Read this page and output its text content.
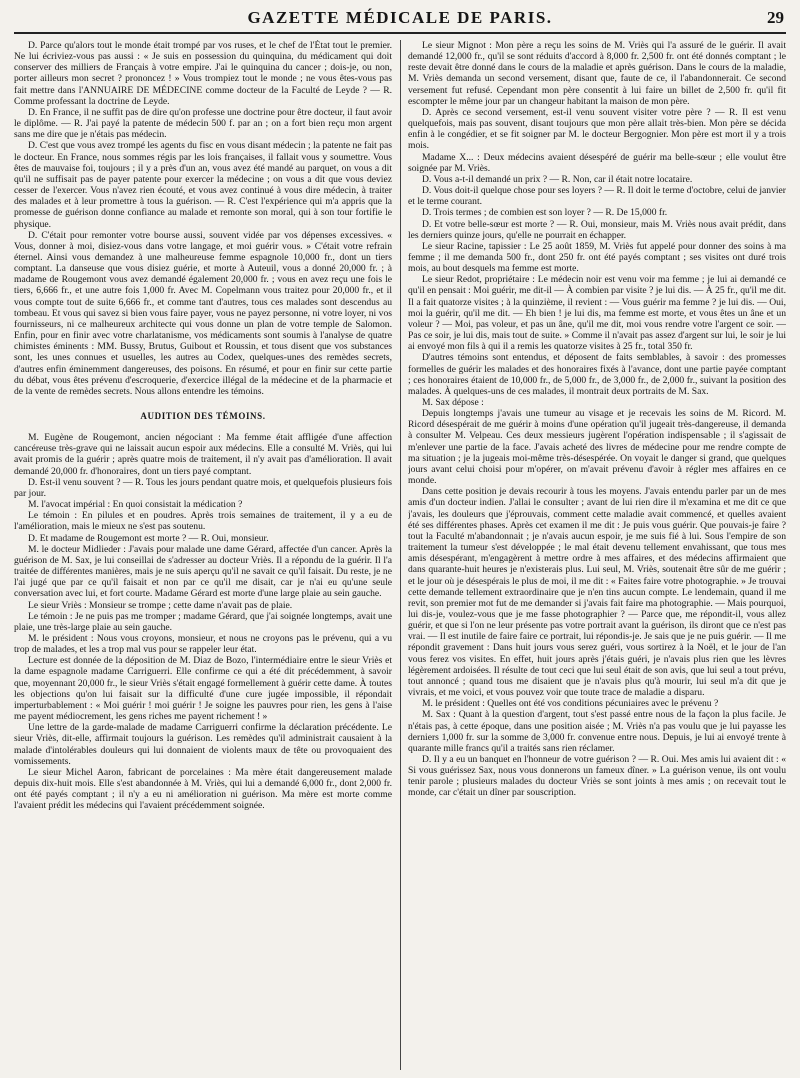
GAZETTE MÉDICALE DE PARIS.	29

D. Parce qu'alors tout le monde était trompé par vos ruses, et le chef de l'État tout le premier. Ne lui écriviez-vous pas aussi : « Je suis en possession du quinquina, du médicament qui doit conserver des milliers de Français à votre empire. J'ai le quinquina du cancer ; dois-je, ou non, porter ailleurs mon secret ? prononcez ! » Vous trompiez tout le monde ; ne vous êtes-vous pas fait mettre dans l'ANNUAIRE DE MÉDECINE comme docteur de la Faculté de Leyde ? — R. Comme professant la doctrine de Leyde.

D. En France, il ne suffit pas de dire qu'on professe une doctrine pour être docteur, il faut avoir le diplôme. — R. J'ai payé la patente de médecin 500 f. par an ; on a fort bien reçu mon argent sans me dire que je n'étais pas médecin.

D. C'est que vous avez trompé les agents du fisc en vous disant médecin ; la patente ne fait pas le docteur. En France, nous sommes régis par les lois françaises, il fallait vous y soumettre. Vous êtes de mauvaise foi, toujours ; il y a près d'un an, vous avez été mandé au parquet, on vous a dit qu'il ne suffisait pas de payer patente pour exercer la médecine ; on vous a dit que vous deviez cesser de l'exercer. Vous n'avez rien écouté, et vous avez continué à vous dire médecin, à traiter des malades et à leur promettre à tous la guérison. — R. C'est l'expérience qui m'a appris que la promesse de guérison donne confiance au malade et remonte son moral, qui à son tour fortifie le physique.

D. C'était pour remonter votre bourse aussi, souvent vidée par vos dépenses excessives. « Vous, donner à moi, disiez-vous dans votre langage, et moi guérir vous. » C'était votre refrain éternel. Ainsi vous demandez à une malheureuse femme espagnole 10,000 fr., dont un tiers comptant. La danseuse que vous disiez guérie, et morte à Auteuil, vous a donné 20,000 fr. ; à madame de Rougemont vous avez demandé également 20,000 fr. ; vous en avez reçu une fois le tiers, 6,666 fr., et une autre fois 1,000 fr. Avec M. Copelmann vous traitez pour 20,000 fr., et il vous compte tout de suite 6,666 fr., et comme tant d'autres, tous ces malades sont descendus au tombeau. Et vous qui savez si bien vous faire payer, vous ne payez personne, ni votre loyer, ni vos fournisseurs, ni ce malheureux architecte qui vous donne un plan de votre temple de Salomon. Enfin, pour en finir avec votre charlatanisme, vos médicaments sont soumis à l'analyse de quatre chimistes éminents : MM. Bussy, Brutus, Guibout et Roussin, et tous disent que vos substances sont, les unes connues et usuelles, les autres au Codex, quelques-unes des remèdes secrets, d'autres enfin éminemment dangereuses, des poisons. En résumé, et pour en finir sur cette partie du débat, vous êtes prévenu d'escroquerie, d'exercice illégal de la médecine et de la pharmacie et de la vente de remèdes secrets. Nous allons entendre les témoins.

AUDITION DES TÉMOINS.

M. Eugène de Rougemont, ancien négociant : Ma femme était affligée d'une affection cancéreuse très-grave qui ne laissait aucun espoir aux médecins. Elle a consulté M. Vriès, qui lui avait promis de la guérir ; après quatre mois de traitement, il n'y avait pas d'amélioration. Il avait demandé 20,000 fr. d'honoraires, dont un tiers payé comptant.

D. Est-il venu souvent ? — R. Tous les jours pendant quatre mois, et quelquefois plusieurs fois par jour.

M. l'avocat impérial : En quoi consistait la médication ?

Le témoin : En pilules et en poudres. Après trois semaines de traitement, il y a eu de l'amélioration, mais le mieux ne s'est pas soutenu.

D. Et madame de Rougemont est morte ? — R. Oui, monsieur.

M. le docteur Midlieder : J'avais pour malade une dame Gérard, affectée d'un cancer. Après la guérison de M. Sax, je lui conseillai de s'adresser au docteur Vriès. Il a répondu de la guérir. Il l'a traitée de différentes manières, mais je ne suis aperçu qu'il ne savait ce qu'il faisait. Du reste, je ne l'ai jugé que par ce qu'il faisait et non par ce qu'il me disait, car je n'ai eu qu'une seule conversation avec lui, et fort courte. Madame Gérard est morte d'une large plaie au sein gauche.

Le sieur Vriès : Monsieur se trompe ; cette dame n'avait pas de plaie.

Le témoin : Je ne puis pas me tromper ; madame Gérard, que j'ai soignée longtemps, avait une plaie, une très-large plaie au sein gauche.

M. le président : Nous vous croyons, monsieur, et nous ne croyons pas le prévenu, qui a vu trop de malades, et les a trop mal vus pour se rappeler leur état.

Lecture est donnée de la déposition de M. Diaz de Bozo, l'intermédiaire entre le sieur Vriès et la dame espagnole madame Carriguerri. Elle confirme ce qui a été dit précédemment, à savoir que, moyennant 20,000 fr., le sieur Vriès s'était engagé formellement à guérir cette dame. À toutes les objections qu'on lui faisait sur la difficulté d'une cure jugée impossible, il répondait imperturbablement : « Moi guérir ! moi guérir ! Je soigne les pauvres pour rien, les gens à l'aise me payent médiocrement, les gens riches me payent richement ! »

Une lettre de la garde-malade de madame Carriguerri confirme la déclaration précédente. Le sieur Vriès, dit-elle, affirmait toujours la guérison. Les remèdes qu'il administrait causaient à la malade d'intolérables douleurs qui lui donnaient de violents maux de tête ou provoquaient des vomissements.

Le sieur Michel Aaron, fabricant de porcelaines : Ma mère était dangereusement malade depuis dix-huit mois. Elle s'est abandonnée à M. Vriès, qui lui a demandé 6,000 fr., dont 2,000 fr. ont été payés comptant ; il n'y a eu ni amélioration ni guérison. Ma mère est morte comme l'avaient prédit les médecins qui l'avaient précédemment soignée.

Le sieur Mignot : Mon père a reçu les soins de M. Vriès qui l'a assuré de le guérir. Il avait demandé 12,000 fr., qu'il se sont réduits d'accord à 8,000 fr. 2,500 fr. ont été donnés comptant ; le reste devait être donné dans le cours de la maladie et après guérison. Dans le cours de la maladie, M. Vriès demanda un second versement, disant que, faute de ce, il l'abandonnerait. Ce second versement fut refusé. Cependant mon père consentit à lui faire un billet de 2,500 fr. qu'il fit escompter le même jour par un changeur habitant la maison de mon père.

D. Après ce second versement, est-il venu souvent visiter votre père ? — R. Il est venu quelquefois, mais pas souvent, disant toujours que mon père allait très-bien. Mon père se décida enfin à le congédier, et se fit soigner par M. le docteur Bergognier. Mon père est mort il y a trois mois.

Madame X... : Deux médecins avaient désespéré de guérir ma belle-sœur ; elle voulut être soignée par M. Vriès.

D. Vous a-t-il demandé un prix ? — R. Non, car il était notre locataire.

D. Vous doit-il quelque chose pour ses loyers ? — R. Il doit le terme d'octobre, celui de janvier et le terme courant.

D. Trois termes ; de combien est son loyer ? — R. De 15,000 fr.

D. Et votre belle-sœur est morte ? — R. Oui, monsieur, mais M. Vriès nous avait prédit, dans les derniers quinze jours, qu'elle ne pourrait en échapper.

Le sieur Racine, tapissier : Le 25 août 1859, M. Vriès fut appelé pour donner des soins à ma femme ; il me demanda 500 fr., dont 250 fr. ont été payés comptant ; ses visites ont duré trois mois, au bout desquels ma femme est morte.

Le sieur Redot, propriétaire : Le médecin noir est venu voir ma femme ; je lui ai demandé ce qu'il en pensait : Moi guérir, me dit-il — À combien par visite ? je lui dis. — À 25 fr., qu'il me dit. Il a fait quatorze visites ; à la quinzième, il revient : — Vous guérir ma femme ? je lui dis. — Oui, moi la guérir, qu'il me dit. — Eh bien ! je lui dis, ma femme est morte, et vous êtes un âne et un voleur ? — Moi, pas voleur, et pas un âne, qu'il me dit, moi vous rendre votre l'argent ce soir. — Pas ce soir, je lui dis, mais tout de suite. » Comme il n'avait pas assez d'argent sur lui, le soir je lui ai envoyé mon fils à qui il a remis les quatorze visites à 25 fr., total 350 fr.

D'autres témoins sont entendus, et déposent de faits semblables, à savoir : des promesses formelles de guérir les malades et des honoraires fixés à l'avance, dont une partie payée comptant ; ces honoraires étaient de 10,000 fr., de 5,000 fr., de 3,000 fr., de 2,000 fr., suivant la position des malades. À quelques-uns de ces malades, il montrait deux portraits de M. Sax.

M. Sax dépose :

Depuis longtemps j'avais une tumeur au visage et je recevais les soins de M. Ricord. M. Ricord désespérait de me guérir à moins d'une opération qu'il jugeait très-dangereuse, il demanda à consulter M. Velpeau. Ces deux messieurs jugèrent l'opération indispensable ; il s'agissait de m'enlever une partie de la face. J'avais acheté des livres de médecine pour me rendre compte de ma situation ; je la jugeais moi-même très-désespérée. On voyait le danger si grand, que quelques jours avant celui choisi pour m'opérer, on m'avait prévenu d'avoir à régler mes affaires en ce monde.

Dans cette position je devais recourir à tous les moyens. J'avais entendu parler par un de mes amis d'un docteur indien. J'allai le consulter ; avant de lui rien dire il m'examina et me dit ce que j'avais, les douleurs que j'éprouvais, comment cette maladie avait commencé, et quelles avaient été ses différentes phases. Après cet examen il me dit : Je puis vous guérir. Que pouvais-je faire ? tout la Faculté m'abandonnait ; je n'avais aucun espoir, je me suis fié à lui. Sous l'empire de son traitement la tumeur s'est développée ; le mal était devenu tellement envahissant, que tous mes amis désespérant, m'engagèrent à mettre ordre à mes affaires, et des médecins affirmaient que dans quarante-huit heures je n'existerais plus. Lui seul, M. Vriès, soutenait être sûr de me guérir ; et le jour où je désespérais le plus de moi, il me dit : « Faites faire votre photographie. » Je trouvai cette demande tellement extraordinaire que je n'en tins aucun compte. Le lendemain, quand il me revit, son premier mot fut de me demander si j'avais fait faire ma photographie. — Mais pourquoi, lui dis-je, voulez-vous que je me fasse photographier ? — Parce que, me répondit-il, vous allez guérir, et que si l'on ne leur présente pas votre portrait avant la guérison, ils diront que ce n'est pas vrai. — Il est inutile de faire faire ce portrait, lui répondis-je. Je sais que je ne puis guérir. — Il me répondit gravement : Dans huit jours vous serez guéri, vous sortirez à la Noël, et le jour de l'an vous ferez vos visites. En effet, huit jours après j'étais guéri, je n'avais plus rien que les lèvres légèrement ardoisées. Il résulte de tout ceci que lui seul était de son avis, que lui seul a tout prévu, tout annoncé ; quand tous me disaient que je n'avais plus qu'à mourir, lui seul m'a dit que je vivrais, et me voici, et vous pouvez voir que toute trace de maladie a disparu.

M. le président : Quelles ont été vos conditions pécuniaires avec le prévenu ?

M. Sax : Quant à la question d'argent, tout s'est passé entre nous de la façon la plus facile. Je n'étais pas, à cette époque, dans une position aisée ; M. Vriès n'a pas voulu que je lui payasse les derniers 1,000 fr. sur la somme de 3,000 fr. convenue entre nous. Depuis, je lui ai envoyé trente à quarante mille francs qu'il a traités sans rien réclamer.

D. Il y a eu un banquet en l'honneur de votre guérison ? — R. Oui. Mes amis lui avaient dit : « Si vous guérissez Sax, nous vous donnerons un fameux dîner. » La guérison venue, ils ont voulu tenir parole ; plusieurs malades du docteur Vriès se sont joints à mes amis ; on recevait tout le monde, car c'était un dîner par souscription.
